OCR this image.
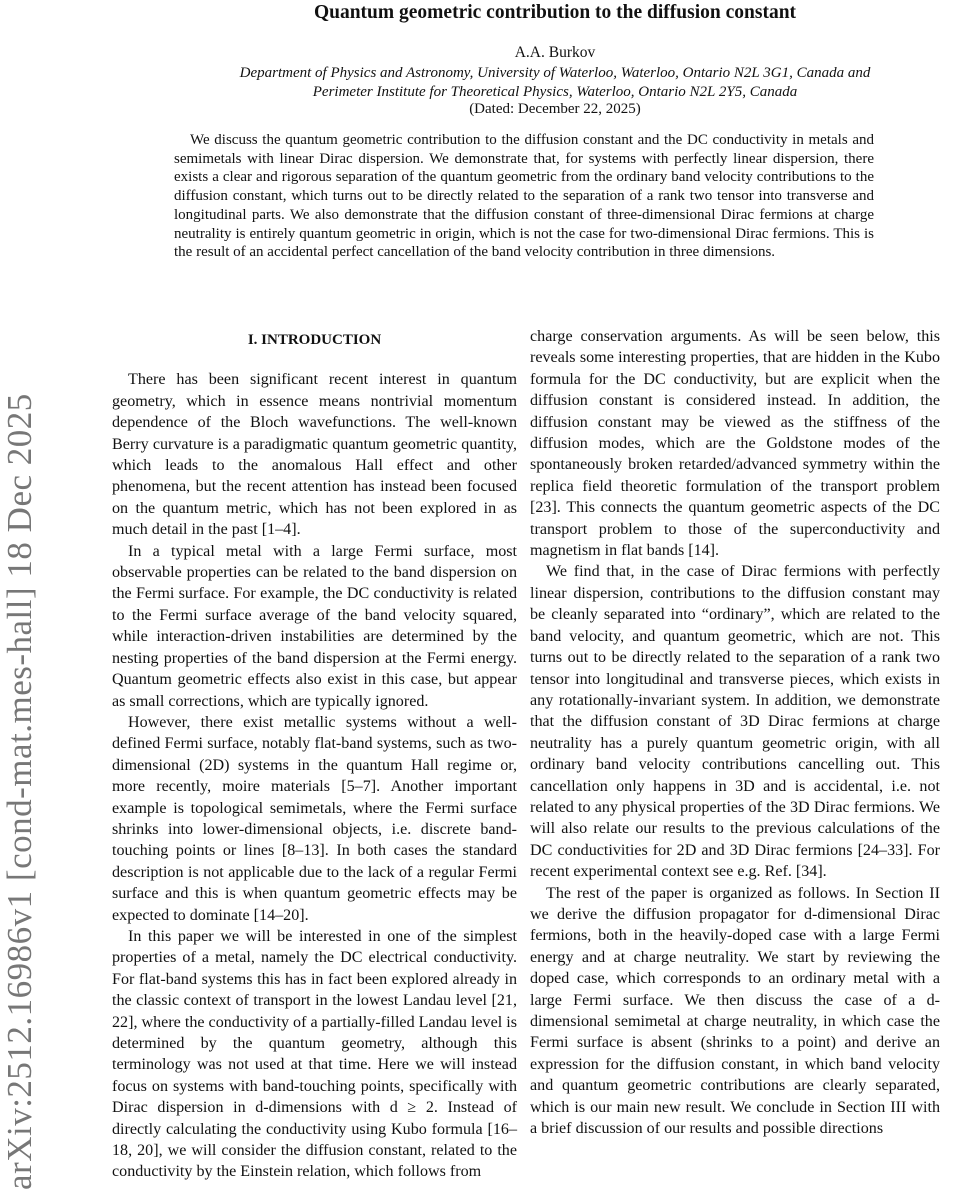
arXiv:2512.16986v1 [cond-mat.mes-hall] 18 Dec 2025
Quantum geometric contribution to the diffusion constant
A.A. Burkov
Department of Physics and Astronomy, University of Waterloo, Waterloo, Ontario N2L 3G1, Canada and
Perimeter Institute for Theoretical Physics, Waterloo, Ontario N2L 2Y5, Canada
(Dated: December 22, 2025)
We discuss the quantum geometric contribution to the diffusion constant and the DC conductivity in metals and semimetals with linear Dirac dispersion. We demonstrate that, for systems with perfectly linear dispersion, there exists a clear and rigorous separation of the quantum geometric from the ordinary band velocity contributions to the diffusion constant, which turns out to be directly related to the separation of a rank two tensor into transverse and longitudinal parts. We also demonstrate that the diffusion constant of three-dimensional Dirac fermions at charge neutrality is entirely quantum geometric in origin, which is not the case for two-dimensional Dirac fermions. This is the result of an accidental perfect cancellation of the band velocity contribution in three dimensions.
I. INTRODUCTION

There has been significant recent interest in quantum geometry, which in essence means nontrivial momentum dependence of the Bloch wavefunctions. The well-known Berry curvature is a paradigmatic quantum geometric quantity, which leads to the anomalous Hall effect and other phenomena, but the recent attention has instead been focused on the quantum metric, which has not been explored in as much detail in the past [1–4].

In a typical metal with a large Fermi surface, most observable properties can be related to the band dispersion on the Fermi surface. For example, the DC conductivity is related to the Fermi surface average of the band velocity squared, while interaction-driven instabilities are determined by the nesting properties of the band dispersion at the Fermi energy. Quantum geometric effects also exist in this case, but appear as small corrections, which are typically ignored.

However, there exist metallic systems without a well-defined Fermi surface, notably flat-band systems, such as two-dimensional (2D) systems in the quantum Hall regime or, more recently, moire materials [5–7]. Another important example is topological semimetals, where the Fermi surface shrinks into lower-dimensional objects, i.e. discrete band-touching points or lines [8–13]. In both cases the standard description is not applicable due to the lack of a regular Fermi surface and this is when quantum geometric effects may be expected to dominate [14–20].

In this paper we will be interested in one of the simplest properties of a metal, namely the DC electrical conductivity. For flat-band systems this has in fact been explored already in the classic context of transport in the lowest Landau level [21, 22], where the conductivity of a partially-filled Landau level is determined by the quantum geometry, although this terminology was not used at that time. Here we will instead focus on systems with band-touching points, specifically with Dirac dispersion in d-dimensions with d ≥ 2. Instead of directly calculating the conductivity using Kubo formula [16–18, 20], we will consider the diffusion constant, related to the conductivity by the Einstein relation, which follows from

charge conservation arguments. As will be seen below, this reveals some interesting properties, that are hidden in the Kubo formula for the DC conductivity, but are explicit when the diffusion constant is considered instead. In addition, the diffusion constant may be viewed as the stiffness of the diffusion modes, which are the Goldstone modes of the spontaneously broken retarded/advanced symmetry within the replica field theoretic formulation of the transport problem [23]. This connects the quantum geometric aspects of the DC transport problem to those of the superconductivity and magnetism in flat bands [14].

We find that, in the case of Dirac fermions with perfectly linear dispersion, contributions to the diffusion constant may be cleanly separated into “ordinary”, which are related to the band velocity, and quantum geometric, which are not. This turns out to be directly related to the separation of a rank two tensor into longitudinal and transverse pieces, which exists in any rotationally-invariant system. In addition, we demonstrate that the diffusion constant of 3D Dirac fermions at charge neutrality has a purely quantum geometric origin, with all ordinary band velocity contributions cancelling out. This cancellation only happens in 3D and is accidental, i.e. not related to any physical properties of the 3D Dirac fermions. We will also relate our results to the previous calculations of the DC conductivities for 2D and 3D Dirac fermions [24–33]. For recent experimental context see e.g. Ref. [34].

The rest of the paper is organized as follows. In Section II we derive the diffusion propagator for d-dimensional Dirac fermions, both in the heavily-doped case with a large Fermi energy and at charge neutrality. We start by reviewing the doped case, which corresponds to an ordinary metal with a large Fermi surface. We then discuss the case of a d-dimensional semimetal at charge neutrality, in which case the Fermi surface is absent (shrinks to a point) and derive an expression for the diffusion constant, in which band velocity and quantum geometric contributions are clearly separated, which is our main new result. We conclude in Section III with a brief discussion of our results and possible directions
